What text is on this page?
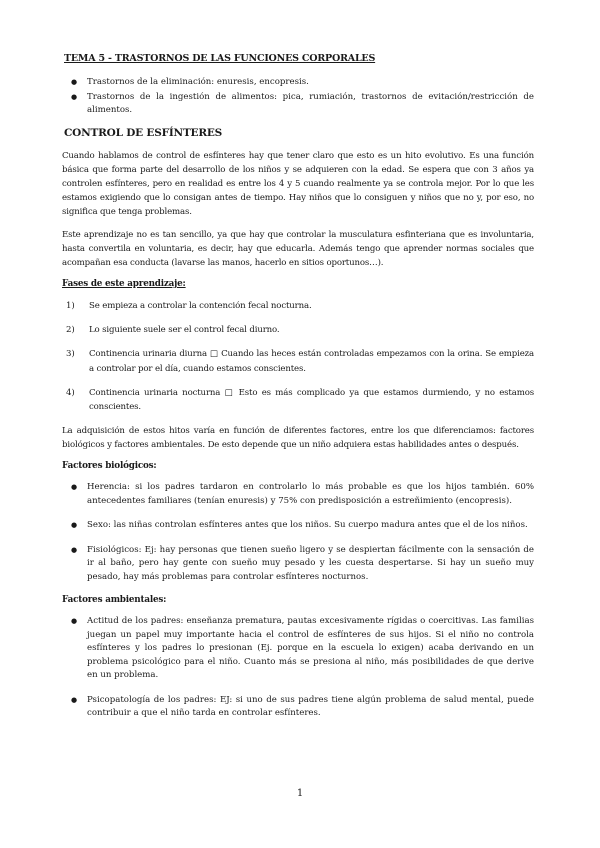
TEMA 5 - TRASTORNOS DE LAS FUNCIONES CORPORALES
● Trastornos de la eliminación: enuresis, encopresis.
● Trastornos de la ingestión de alimentos: pica, rumiación, trastornos de evitación/restricción de alimentos.
CONTROL DE ESFÍNTERES

Cuando hablamos de control de esfínteres hay que tener claro que esto es un hito evolutivo. Es una función básica que forma parte del desarrollo de los niños y se adquieren con la edad. Se espera que con 3 años ya controlen esfínteres, pero en realidad es entre los 4 y 5 cuando realmente ya se controla mejor. Por lo que les estamos exigiendo que lo consigan antes de tiempo. Hay niños que lo consiguen y niños que no y, por eso, no significa que tenga problemas.

Este aprendizaje no es tan sencillo, ya que hay que controlar la musculatura esfinteriana que es involuntaria, hasta convertila en voluntaria, es decir, hay que educarla. Además tengo que aprender normas sociales que acompañan esa conducta (lavarse las manos, hacerlo en sitios oportunos…).

Fases de este aprendizaje:
1) Se empieza a controlar la contención fecal nocturna.
2) Lo siguiente suele ser el control fecal diurno.
3) Continencia urinaria diurna □ Cuando las heces están controladas empezamos con la orina. Se empieza a controlar por el día, cuando estamos conscientes.
4) Continencia urinaria nocturna □ Esto es más complicado ya que estamos durmiendo, y no estamos conscientes.

La adquisición de estos hitos varía en función de diferentes factores, entre los que diferenciamos: factores biológicos y factores ambientales. De esto depende que un niño adquiera estas habilidades antes o después.

Factores biológicos:
● Herencia: si los padres tardaron en controlarlo lo más probable es que los hijos también. 60% antecedentes familiares (tenían enuresis) y 75% con predisposición a estreñimiento (encopresis).
● Sexo: las niñas controlan esfínteres antes que los niños. Su cuerpo madura antes que el de los niños.
● Fisiológicos: Ej: hay personas que tienen sueño ligero y se despiertan fácilmente con la sensación de ir al baño, pero hay gente con sueño muy pesado y les cuesta despertarse. Si hay un sueño muy pesado, hay más problemas para controlar esfínteres nocturnos.
Factores ambientales:
● Actitud de los padres: enseñanza prematura, pautas excesivamente rígidas o coercitivas. Las familias juegan un papel muy importante hacia el control de esfínteres de sus hijos. Si el niño no controla esfínteres y los padres lo presionan (Ej. porque en la escuela lo exigen) acaba derivando en un problema psicológico para el niño. Cuanto más se presiona al niño, más posibilidades de que derive en un problema.
● Psicopatología de los padres: EJ: si uno de sus padres tiene algún problema de salud mental, puede contribuir a que el niño tarda en controlar esfínteres.
1
